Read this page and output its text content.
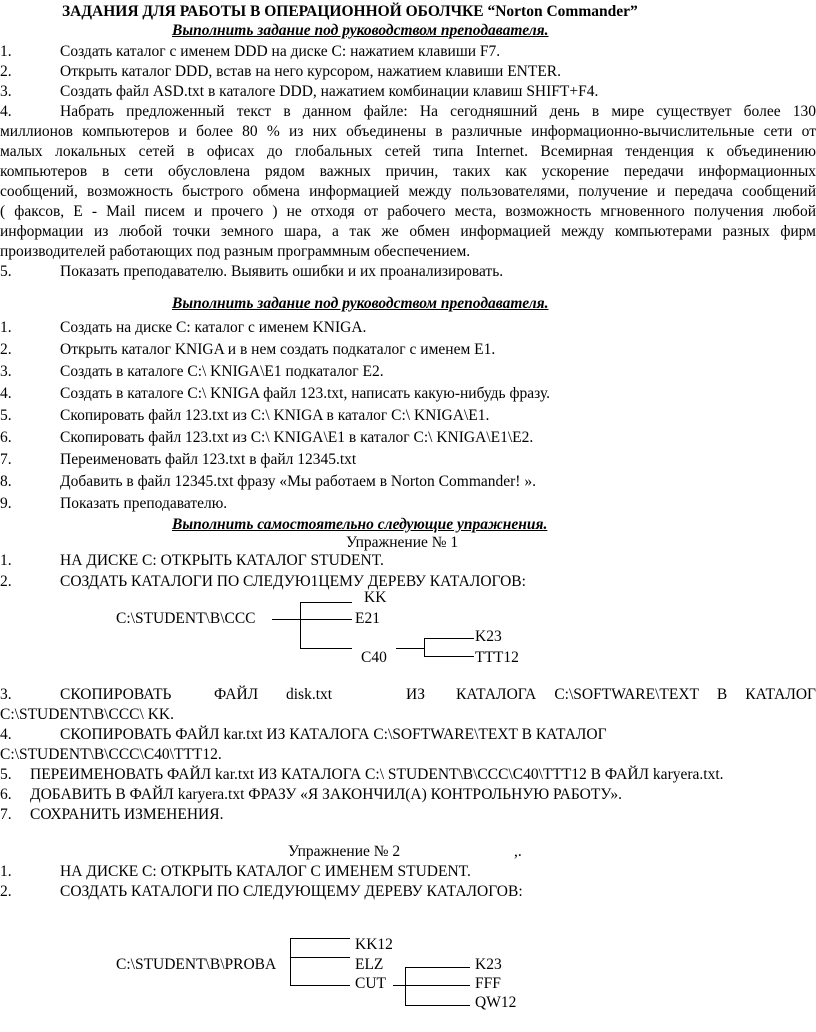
ЗАДАНИЯ ДЛЯ РАБОТЫ В ОПЕРАЦИОННОЙ ОБОЛЧКЕ “Norton Commander”
Выполнить задание под руководством преподавателя.
1.	Создать каталог с именем DDD на диске С: нажатием клавиши F7.
2.	Открыть каталог DDD, встав на него курсором, нажатием клавиши ENTER.
3.	Создать файл ASD.txt в каталоге DDD, нажатием комбинации клавиш SHIFT+F4.
4.	Набрать предложенный текст в данном файле: На сегодняшний день в мире существует более 130
миллионов компьютеров и более 80 % из них объединены в различные информационно-вычислительные сети от
малых локальных сетей в офисах до глобальных сетей типа Internet. Всемирная тенденция к объединению
компьютеров в сети обусловлена рядом важных причин, таких как ускорение передачи информационных
сообщений, возможность быстрого обмена информацией между пользователями, получение и передача сообщений
( факсов, Е - Mail писем и прочего ) не отходя от рабочего места, возможность мгновенного получения любой
информации из любой точки земного шара, а так же обмен информацией между компьютерами разных фирм
производителей работающих под разным программным обеспечением.
5.	Показать преподавателю. Выявить ошибки и их проанализировать.
Выполнить задание под руководством преподавателя.
1.	Создать на диске С: каталог с именем KNIGA.
2.	Открыть каталог KNIGA и в нем создать подкаталог с именем Е1.
3.	Создать в каталоге С:\ KNIGA\E1 подкаталог Е2.
4.	Создать в каталоге С:\ KNIGA файл 123.txt, написать какую-нибудь фразу.
5.	Скопировать файл 123.txt из С:\ KNIGA в каталог С:\ KNIGA\E1.
6.	Скопировать файл 123.txt из С:\ KNIGA\E1 в каталог С:\ KNIGA\E1\E2.
7.	Переименовать файл 123.txt в файл 12345.txt
8.	Добавить в файл 12345.txt фразу «Мы работаем в Norton Commander! ».
9.	Показать преподавателю.
Выполнить самостоятельно следующие упражнения.
Упражнение № 1
1.	НА ДИСКЕ С: ОТКРЫТЬ КАТАЛОГ STUDENT.
2.	СОЗДАТЬ КАТАЛОГИ ПО СЛЕДУЮ1ЦЕМУ ДЕРЕВУ КАТАЛОГОВ:
KK
C:\STUDENT\B\CCC	E21
K23
C40	TTT12
3.	СКОПИРОВАТЬ	ФАЙЛ disk.txt	ИЗ КАТАЛОГА С:\SOFTWARE\TEXT В КАТАЛОГ
C:\STUDENT\B\CCC\ KK.
4.	СКОПИРОВАТЬ ФАЙЛ kar.txt ИЗ КАТАЛОГА C:\SOFTWARE\TEXT В КАТАЛОГ
C:\STUDENT\B\CCC\C40\TTT12.
5. ПЕРЕИМЕНОВАТЬ ФАЙЛ kar.txt ИЗ КАТАЛОГА C:\ STUDENT\B\CCC\C40\TTT12 В ФАЙЛ karyera.txt.
6. ДОБАВИТЬ В ФАЙЛ karyera.txt ФРАЗУ «Я ЗАКОНЧИЛ(А) КОНТРОЛЬНУЮ РАБОТУ».
7. СОХРАНИТЬ ИЗМЕНЕНИЯ.
Упражнение № 2	,.
1.	НА ДИСКЕ С: ОТКРЫТЬ КАТАЛОГ С ИМЕНЕМ STUDENT.
2.	СОЗДАТЬ КАТАЛОГИ ПО СЛЕДУЮЩЕМУ ДЕРЕВУ КАТАЛОГОВ:
KK12
C:\STUDENT\B\PROBA	ELZ	K23
CUT	FFF
QW12
